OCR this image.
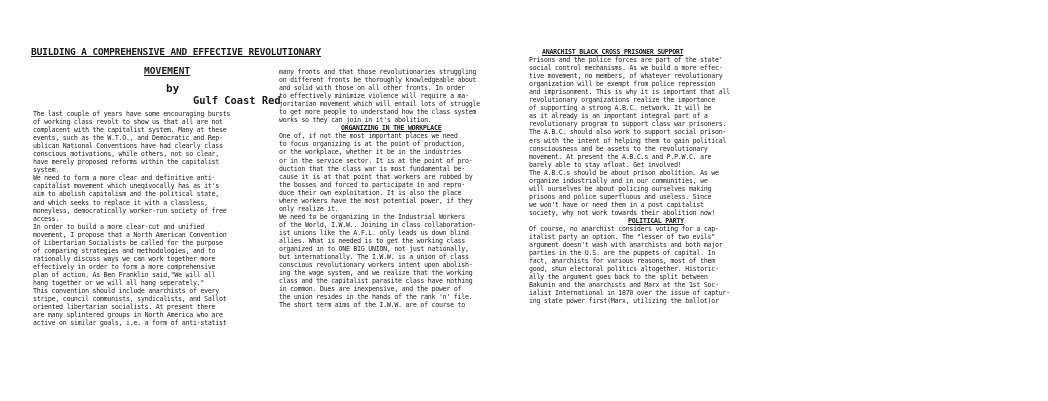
BUILDING A COMPREHENSIVE AND EFFECTIVE REVOLUTIONARY
MOVEMENT
by
Gulf Coast Red

The last couple of years have some encouraging bursts

of working class revolt to show us that all are not

complacent with the capitalist system. Many at these

events, such as the W.T.O., and Democratic and Rep-

ublican National Conventions have had clearly class

conscious motivations, while others, not so clear,

have merely proposed reforms within the capitalist

system.

We need to form a more clear and definitive anti-

capitalist movement which uneqivocally has as it's

aim to abolish capitalism and the political state,

and which seeks to replace it with a classless,

moneyless, democratically worker-run society of free

access.

In order to build a more clear-cut and unified

movement, I propose that a North American Convention

of Libertarian Socialists be called for the purpose

of comparing strategies and methodologies, and to

rationally discuss ways we can work together more

effectively in order to form a more comprehensive

plan of action. As Ben Franklin said,"We will all

hang together or we will all hang seperately."

This convention should include anarchists of every

stripe, council communists, syndicalists, and Sallot

oriented libertarian socialists. At present there

are many splintered groups in North America who are

active on similar goals, i.e. a form of anti-statist

many fronts and that those revolutionaries struggling

on different fronts be thoroughly knowledgeable about

and solid with those on all other fronts. In order

to effectively minimize violence will require a ma-

joritarian movement which will entail lots of struggle

to get more people to understand how the class system

works so they can join in it's abolition.

ORGANIZING IN THE WORKPLACE

One of, if not the most important places we need

to focus organizing is at the point of production,

or the workplace, whether it be in the industries

or in the service sector. It is at the point of pro-

duction that the class war is most fundamental be-

cause it is at that point that workers are robbed by

the bosses and forced to participate in and repro-

duce their own exploitation. It is also the place

where workers have the most potential power, if they

only realize it.

We need to be organizing in the Industrial Workers

of the World, I.W.W.. Joining in class collaboration-

ist unions like the A.F.L. only leads us down blind

allies. What is needed is to get the working class

organized in to ONE BIG UNION, not just nationally,

but internationally. The I.W.W. is a union of class

conscious revolutionary workers intent upon abolish-

ing the wage system, and we realize that the working

class and the capitalist parasite class have nothing

in common. Dues are inexpensive, and the power of

the union resides in the hands of the rank 'n' file.

The short term aims of the I.W.W. are of course to

ANARCHIST BLACK CROSS PRISONER SUPPORT

Prisons and the police forces are part of the state'

social control mechanisms. As we build a more effec-

tive movement, no members, of whatever revolutionary

organization will be exempt from police repression

and imprisonment. This is why it is important that all

revolutionary organizations realize the importance

of supporting a strong A.B.C. network. It will be

as it already is an important integral part of a

revolutionary program to support class war prisoners.

The A.B.C. should also work to support social prison-

ers with the intent of helping them to gain political

consciousness and be assets to the revolutionary

movement. At present the A.B.C.s and P.P.W.C. are

barely able to stay afloat. Get involved!

The A.B.C.s should be about prison abolition. As we

organize industrially and in our communities, we

will ourselves be about policing ourselves making

prisons and police superfluous and useless. Since

we won't have or need them in a post capitalist

society, why not work towards their abolition now!

POLITICAL PARTY

Of course, no anarchist considers voting for a cap-

italist party an option. The "lesser of two evils"

argument doesn't wash with anarchists and both major

parties in the U.S. are the puppets of capital. In

fact, anarchists for various reasons, most of them

good, shun electoral politics altogether. Historic-

ally the argument goes back to the split between

Bakunin and the anarchists and Marx at the 1st Soc-

ialist International in 1870 over the issue of captur-

ing state power first(Marx, utilizing the ballot)or
